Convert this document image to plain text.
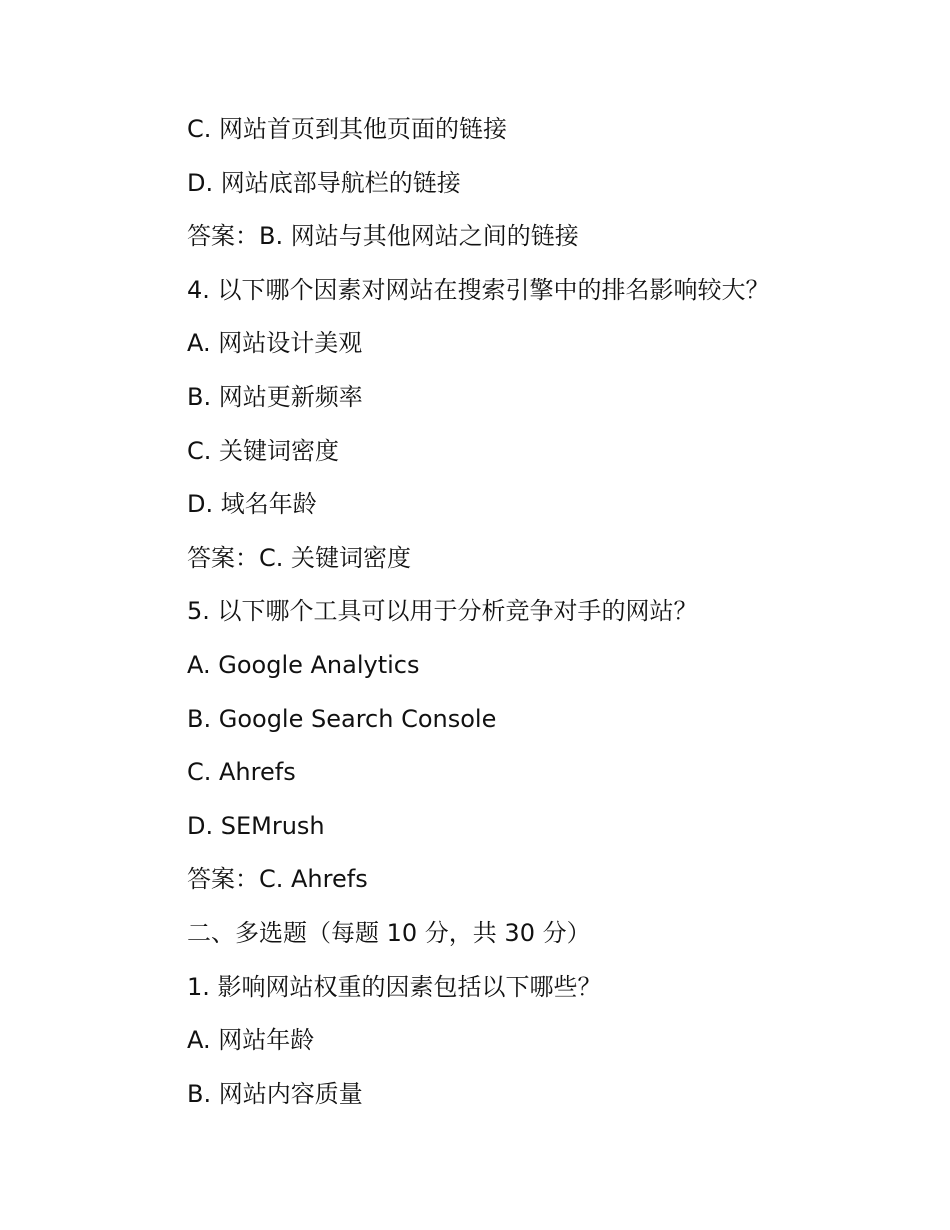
C. 网站首页到其他页面的链接
D. 网站底部导航栏的链接
答案：B. 网站与其他网站之间的链接
4. 以下哪个因素对网站在搜索引擎中的排名影响较大？
A. 网站设计美观
B. 网站更新频率
C. 关键词密度
D. 域名年龄
答案：C. 关键词密度
5. 以下哪个工具可以用于分析竞争对手的网站？
A. Google Analytics
B. Google Search Console
C. Ahrefs
D. SEMrush
答案：C. Ahrefs
二、多选题（每题 10 分，共 30 分）
1. 影响网站权重的因素包括以下哪些？
A. 网站年龄
B. 网站内容质量
